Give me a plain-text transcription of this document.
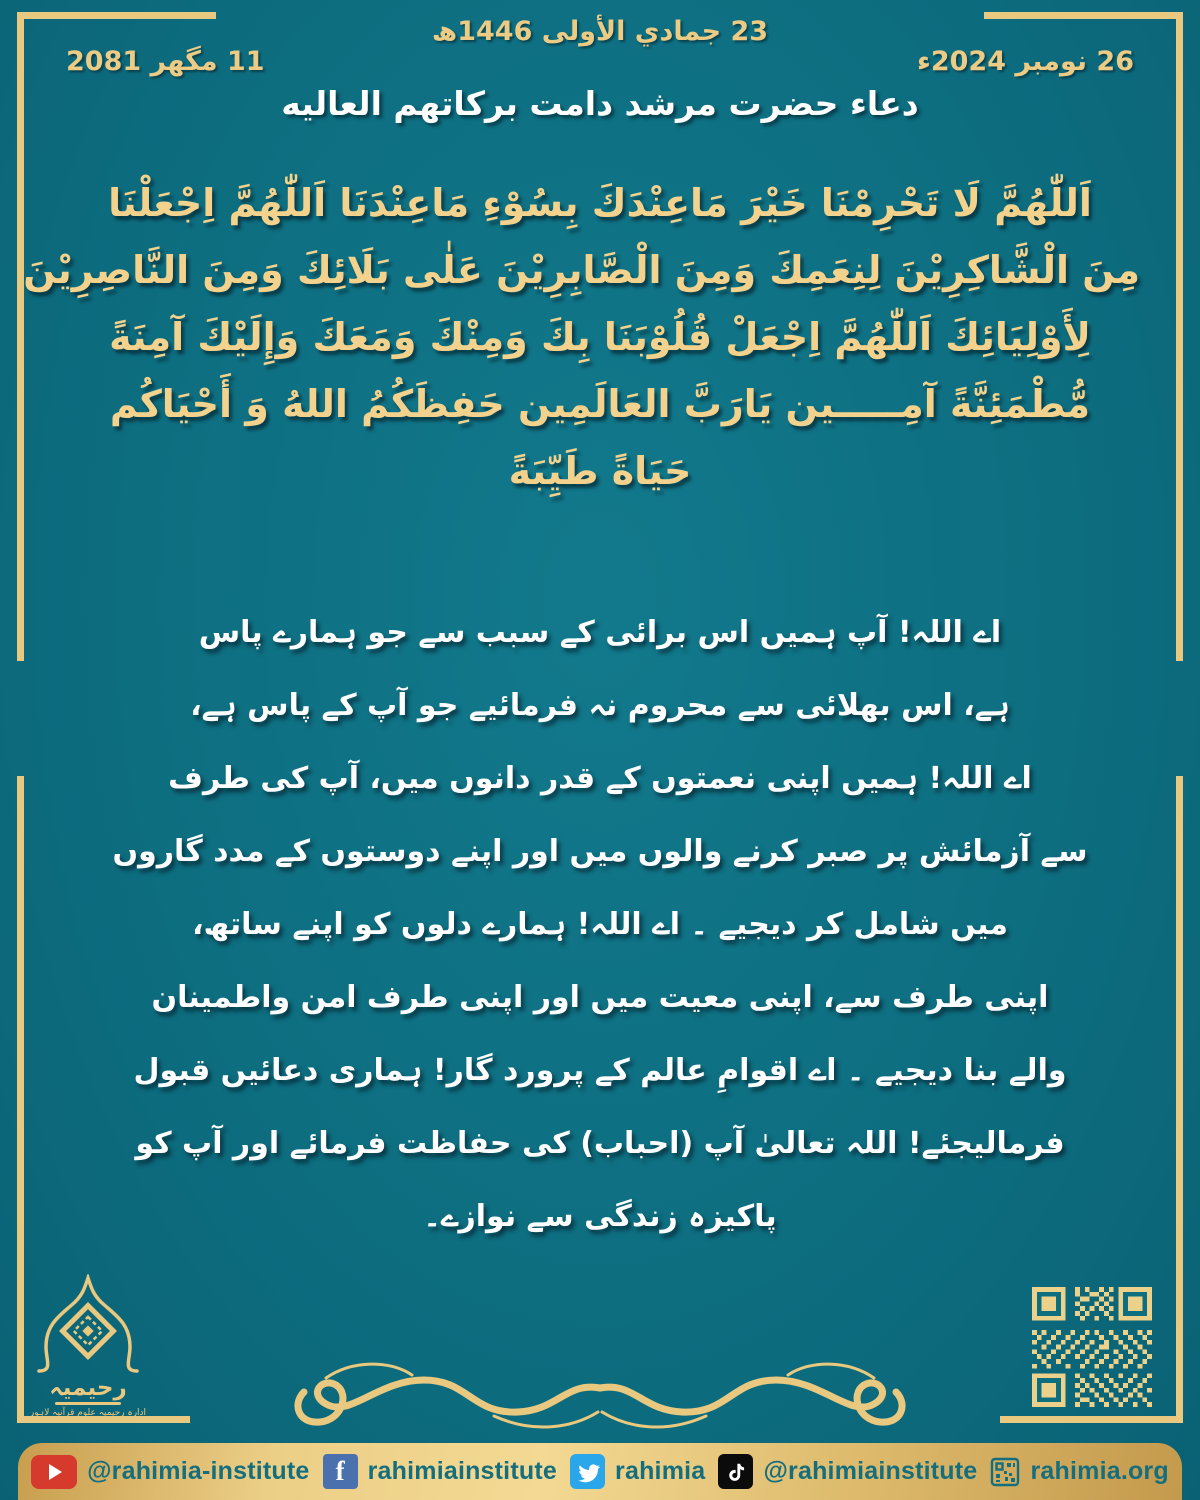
23 جمادي الأولى 1446ھ
26 نومبر 2024ء
11 مگھر 2081
دعاء حضرت مرشد دامت بركاتهم العاليه
اَللّٰهُمَّ لَا تَحْرِمْنَا خَيْرَ مَاعِنْدَكَ بِسُوْءِ مَاعِنْدَنَا اَللّٰهُمَّ اِجْعَلْنَا
مِنَ الْشَّاكِرِيْنَ لِنِعَمِكَ وَمِنَ الْصَّابِرِيْنَ عَلٰى بَلَائِكَ وَمِنَ النَّاصِرِيْنَ
لِأَوْلِيَائِكَ اَللّٰهُمَّ اِجْعَلْ قُلُوْبَنَا بِكَ وَمِنْكَ وَمَعَكَ وَإِلَيْكَ آمِنَةً
مُّطْمَئِنَّةً آمِـــــين يَارَبَّ العَالَمِين حَفِظَكُمُ اللهُ وَ أَحْيَاكُم
حَيَاةً طَيِّبَةً
اے اللہ! آپ ہمیں اس برائی کے سبب سے جو ہمارے پاس
ہے، اس بھلائی سے محروم نہ فرمائیے جو آپ کے پاس ہے،
اے اللہ! ہمیں اپنی نعمتوں کے قدر دانوں میں، آپ کی طرف
سے آزمائش پر صبر کرنے والوں میں اور اپنے دوستوں کے مدد گاروں
میں شامل کر دیجیے ۔ اے اللہ! ہمارے دلوں کو اپنے ساتھ،
اپنی طرف سے، اپنی معیت میں اور اپنی طرف امن واطمینان
والے بنا دیجیے ۔ اے اقوامِ عالم کے پرورد گار! ہماری دعائیں قبول
فرمالیجئے! اللہ تعالیٰ آپ (احباب) کی حفاظت فرمائے اور آپ کو
پاکیزہ زندگی سے نوازے۔
رحیمیہ
ادارہ رحیمیہ علومِ قرآنیہ لاہور
@rahimia-institute f rahimiainstitute rahimia @rahimiainstitute rahimia.org
